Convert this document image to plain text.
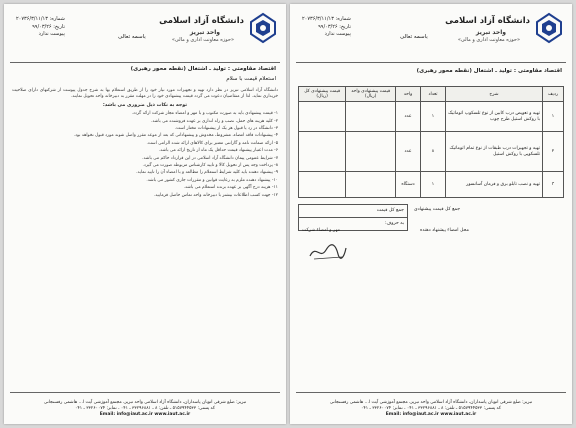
دانشگاه آزاد اسلامی
واحد تبریز
«حوزه معاونت اداری و مالی»
باسمه تعالی
شماره: ۲۰۷۳۶/۳/۱۱/۱۳
تاریخ: ۹۹/۰۳/۲۶
پیوست ندارد
اقتصاد مقاومتی : تولید ـ اشتغال (نقطه محور رهبری)
استعلام قیمت با سلام

دانشگاه آزاد اسلامی تبریز در نظر دارد تهیه و تجهیزات مورد نیاز خود را از طریق استعلام بها به شرح جدول پیوست از شرکتهای دارای صلاحیت خریداری نماید. لذا از متقاضیان دعوت می گردد قیمت پیشنهادی خود را در مهلت مقرر به دبیرخانه واحد تحویل نمایند.

توجه به نکات ذیل ضروری می باشد:

۱- قیمت پیشنهادی باید به صورت مکتوب و با مهر و امضاء مجاز شرکت ارائه گردد.

۲- کلیه هزینه های حمل، نصب و راه اندازی بر عهده فروشنده می باشد.

۳- دانشگاه در رد یا قبول هر یک از پیشنهادات مختار است.

۴- پیشنهادات فاقد امضاء، مشروط، مخدوش و پیشنهاداتی که بعد از موعد مقرر واصل شوند مورد قبول نخواهد بود.

۵- ارائه ضمانت نامه و گارانتی معتبر برای کالاهای ارائه شده الزامی است.

۶- مدت اعتبار پیشنهاد قیمت حداقل یک ماه از تاریخ ارائه می باشد.

۷- شرایط عمومی پیمان دانشگاه آزاد اسلامی در این قرارداد حاکم می باشد.

۸- پرداخت وجه پس از تحویل کالا و تایید کارشناس مربوطه صورت می گیرد.

۹- پیشنهاد دهنده باید کلیه شرایط استعلام را مطالعه و با امضاء آن را تایید نماید.

۱۰- پیشنهاد دهنده ملزم به رعایت قوانین و مقررات جاری کشور می باشد.

۱۱- هزینه درج آگهی بر عهده برنده استعلام می باشد.

۱۲- جهت کسب اطلاعات بیشتر با دبیرخانه واحد تماس حاصل فرمایید.

تبریز: ضلع شرقی اتوبان پاسداران، دانشگاه آزاد اسلامی واحد تبریز، مجتمع آموزشی آیت ا... هاشمی رفسنجانی
کد پستی: ۵۱۵۷۹۴۴۵۳۳ ـ تلفن: ۸ ـ ۳۳۲۹۶۸۸۱ ـ ۰۴۱ ، نمابر: ۳۳۲۶۰۰۷۴ ـ ۰۴۱
Email: info@iaut.ac.ir www.iaut.ac.ir
دانشگاه آزاد اسلامی
واحد تبریز
«حوزه معاونت اداری و مالی»
باسمه تعالی
شماره: ۲۰۷۳۶/۳/۱۱/۱۳
تاریخ: ۹۹/۰۳/۲۶
پیوست ندارد
اقتصاد مقاومتی : تولید ـ اشتغال (نقطه محور رهبری)
ردیف	شرح	تعداد	واحد	قیمت پیشنهادی واحد (ریال)	قیمت پیشنهادی کل (ریال)
۱	تهیه و تعویض درب کابین از نوع تلسکوپ اتوماتیک با روکش استیل طرح چوب	۱	عدد		
۲	تهیه و تجهیزات درب طبقات از نوع تمام اتوماتیک تلسکوپی با روکش استیل	۸	عدد		
۳	تهیه و نصب تابلو برق و فرمان آسانسور	۱	دستگاه		
جمع کل قیمت
به حروف:
جمع کل قیمت پیشنهادی
مهر و امضاء شرکت	محل امضاء پیشنهاد دهنده
تبریز: ضلع شرقی اتوبان پاسداران، دانشگاه آزاد اسلامی واحد تبریز، مجتمع آموزشی آیت ا... هاشمی رفسنجانی
کد پستی: ۵۱۵۷۹۴۴۵۳۳ ـ تلفن: ۸ ـ ۳۳۲۹۶۸۸۱ ـ ۰۴۱ ، نمابر: ۳۳۲۶۰۰۷۴ ـ ۰۴۱
Email: info@iaut.ac.ir www.iaut.ac.ir
